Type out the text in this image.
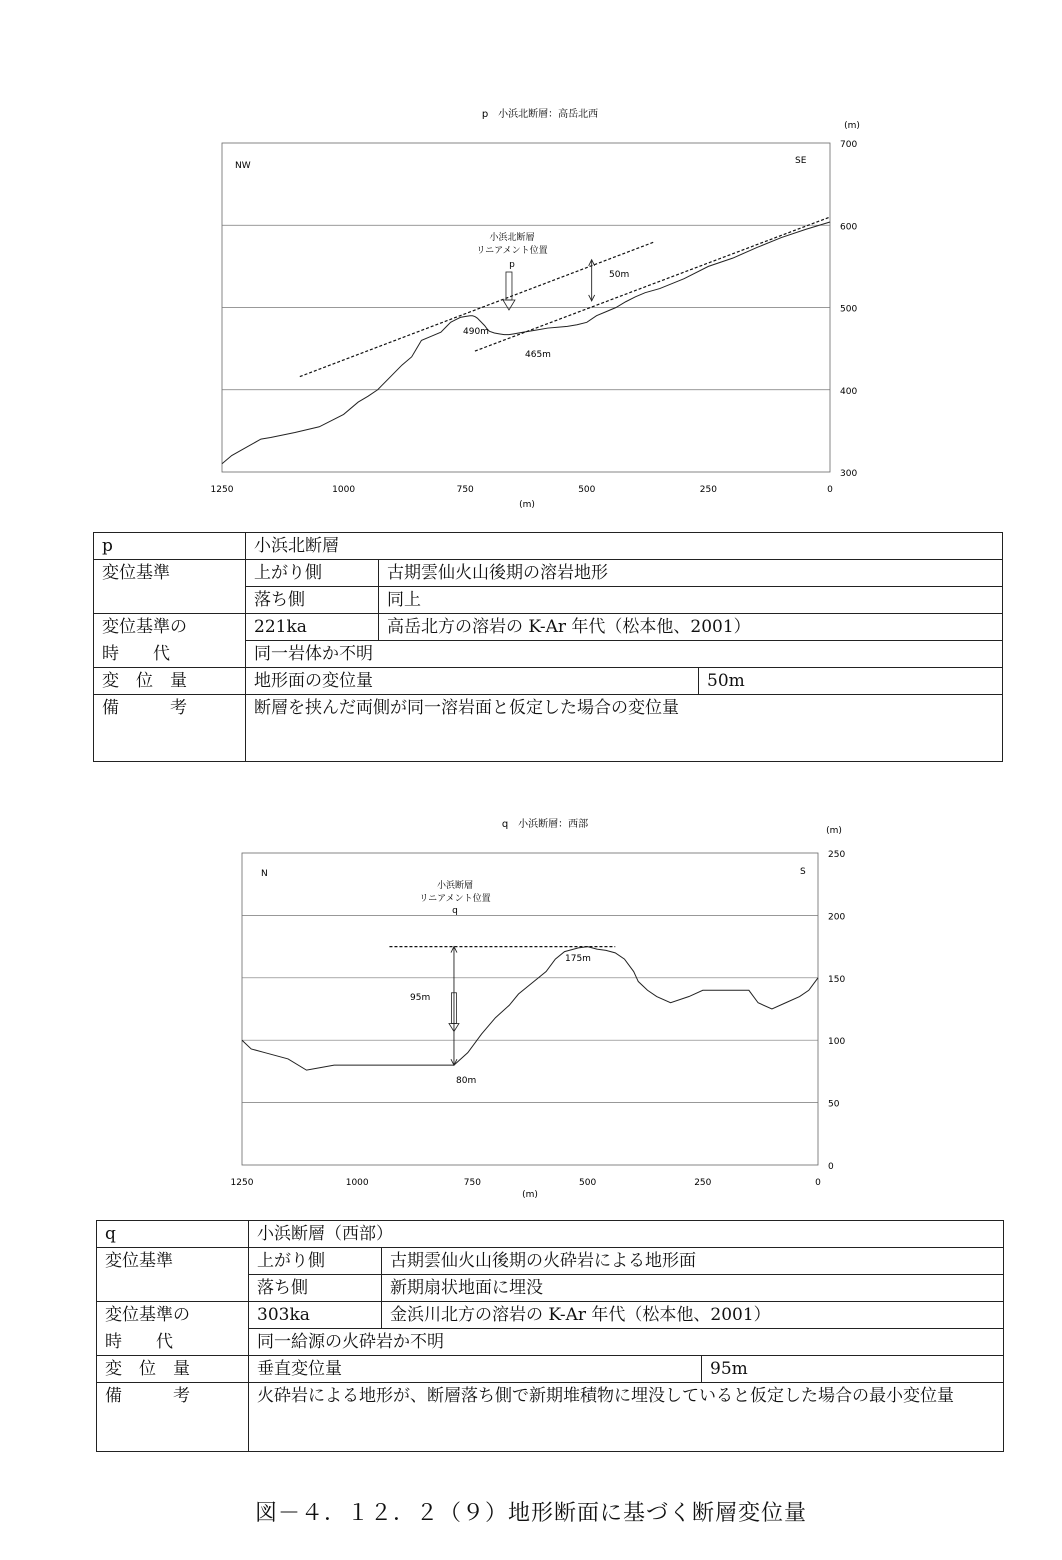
p　小浜北断層：高岳北西
(m)
(m)
NW	SE
300
400
500
600
700
1250	1000	750	500	250	0
小浜北断層
リニアメント位置
p
50m
490m
465m
p	小浜北断層		
変位基準	上がり側	古期雲仙火山後期の溶岩地形	
	落ち側	同上	
変位基準の	221ka	高岳北方の溶岩の K-Ar 年代（松本他、2001）	
時　　代	同一岩体か不明		
変　位　量	地形面の変位量		50m
備　　　考	断層を挟んだ両側が同一溶岩面と仮定した場合の変位量		
q　小浜断層：西部
(m)
(m)
N	S
0
50
100
150
200
250
1250	1000	750	500	250	0
小浜断層
リニアメント位置
q
95m
175m
80m
q	小浜断層（西部）		
変位基準	上がり側	古期雲仙火山後期の火砕岩による地形面	
	落ち側	新期扇状地面に埋没	
変位基準の	303ka	金浜川北方の溶岩の K-Ar 年代（松本他、2001）	
時　　代	同一給源の火砕岩か不明		
変　位　量	垂直変位量		95m
備　　　考	火砕岩による地形が、断層落ち側で新期堆積物に埋没していると仮定した場合の最小変位量		
図－４．１２．２（９）地形断面に基づく断層変位量
